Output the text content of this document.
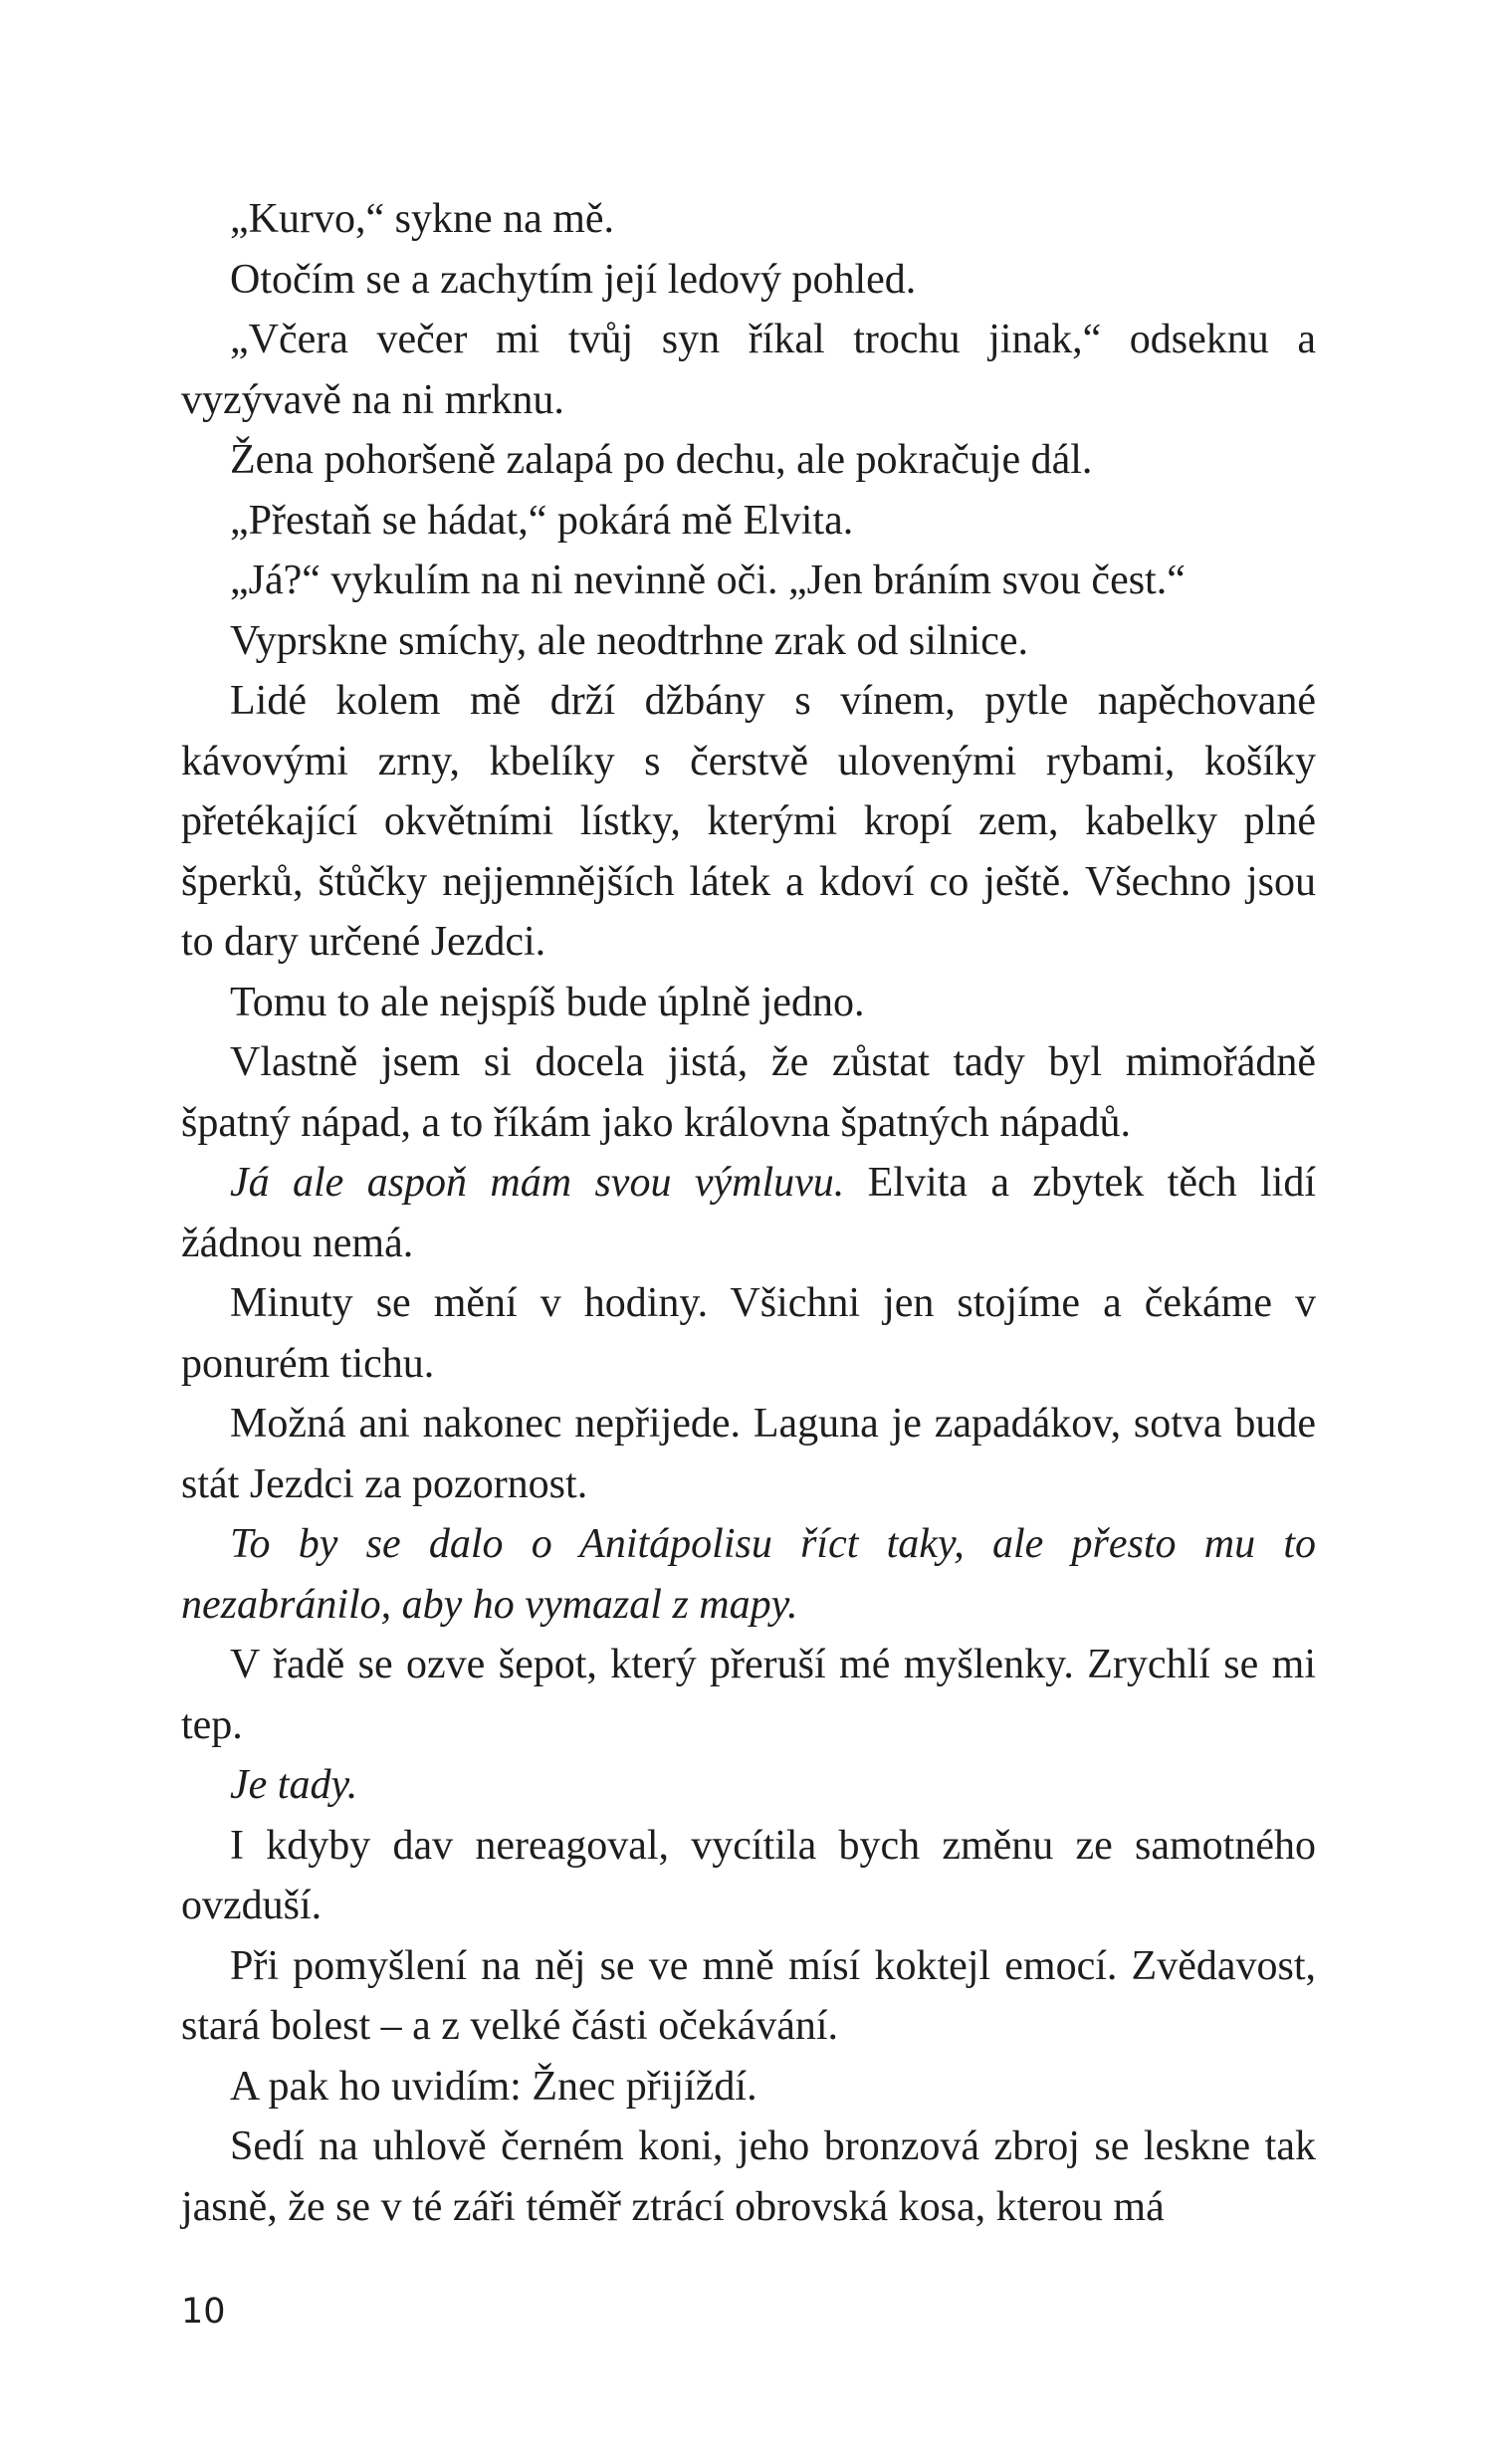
„Kurvo,“ sykne na mě.

Otočím se a zachytím její ledový pohled.

„Včera večer mi tvůj syn říkal trochu jinak,“ odseknu a vyzývavě na ni mrknu.

Žena pohoršeně zalapá po dechu, ale pokračuje dál.

„Přestaň se hádat,“ pokárá mě Elvita.

„Já?“ vykulím na ni nevinně oči. „Jen bráním svou čest.“

Vyprskne smíchy, ale neodtrhne zrak od silnice.

Lidé kolem mě drží džbány s vínem, pytle napěchované kávovými zrny, kbelíky s čerstvě ulovenými rybami, košíky přetékající okvětními lístky, kterými kropí zem, kabelky plné šperků, štůčky nejjemnějších látek a kdoví co ještě. Všechno jsou to dary určené Jezdci.

Tomu to ale nejspíš bude úplně jedno.

Vlastně jsem si docela jistá, že zůstat tady byl mimořádně špatný nápad, a to říkám jako královna špatných nápadů.

Já ale aspoň mám svou výmluvu. Elvita a zbytek těch lidí žádnou nemá.

Minuty se mění v hodiny. Všichni jen stojíme a čekáme v ponurém tichu.

Možná ani nakonec nepřijede. Laguna je zapadákov, sotva bude stát Jezdci za pozornost.

To by se dalo o Anitápolisu říct taky, ale přesto mu to nezabránilo, aby ho vymazal z mapy.

V řadě se ozve šepot, který přeruší mé myšlenky. Zrychlí se mi tep.

Je tady.

I kdyby dav nereagoval, vycítila bych změnu ze samotného ovzduší.

Při pomyšlení na něj se ve mně mísí koktejl emocí. Zvědavost, stará bolest – a z velké části očekávání.

A pak ho uvidím: Žnec přijíždí.

Sedí na uhlově černém koni, jeho bronzová zbroj se leskne tak jasně, že se v té záři téměř ztrácí obrovská kosa, kterou má

10
